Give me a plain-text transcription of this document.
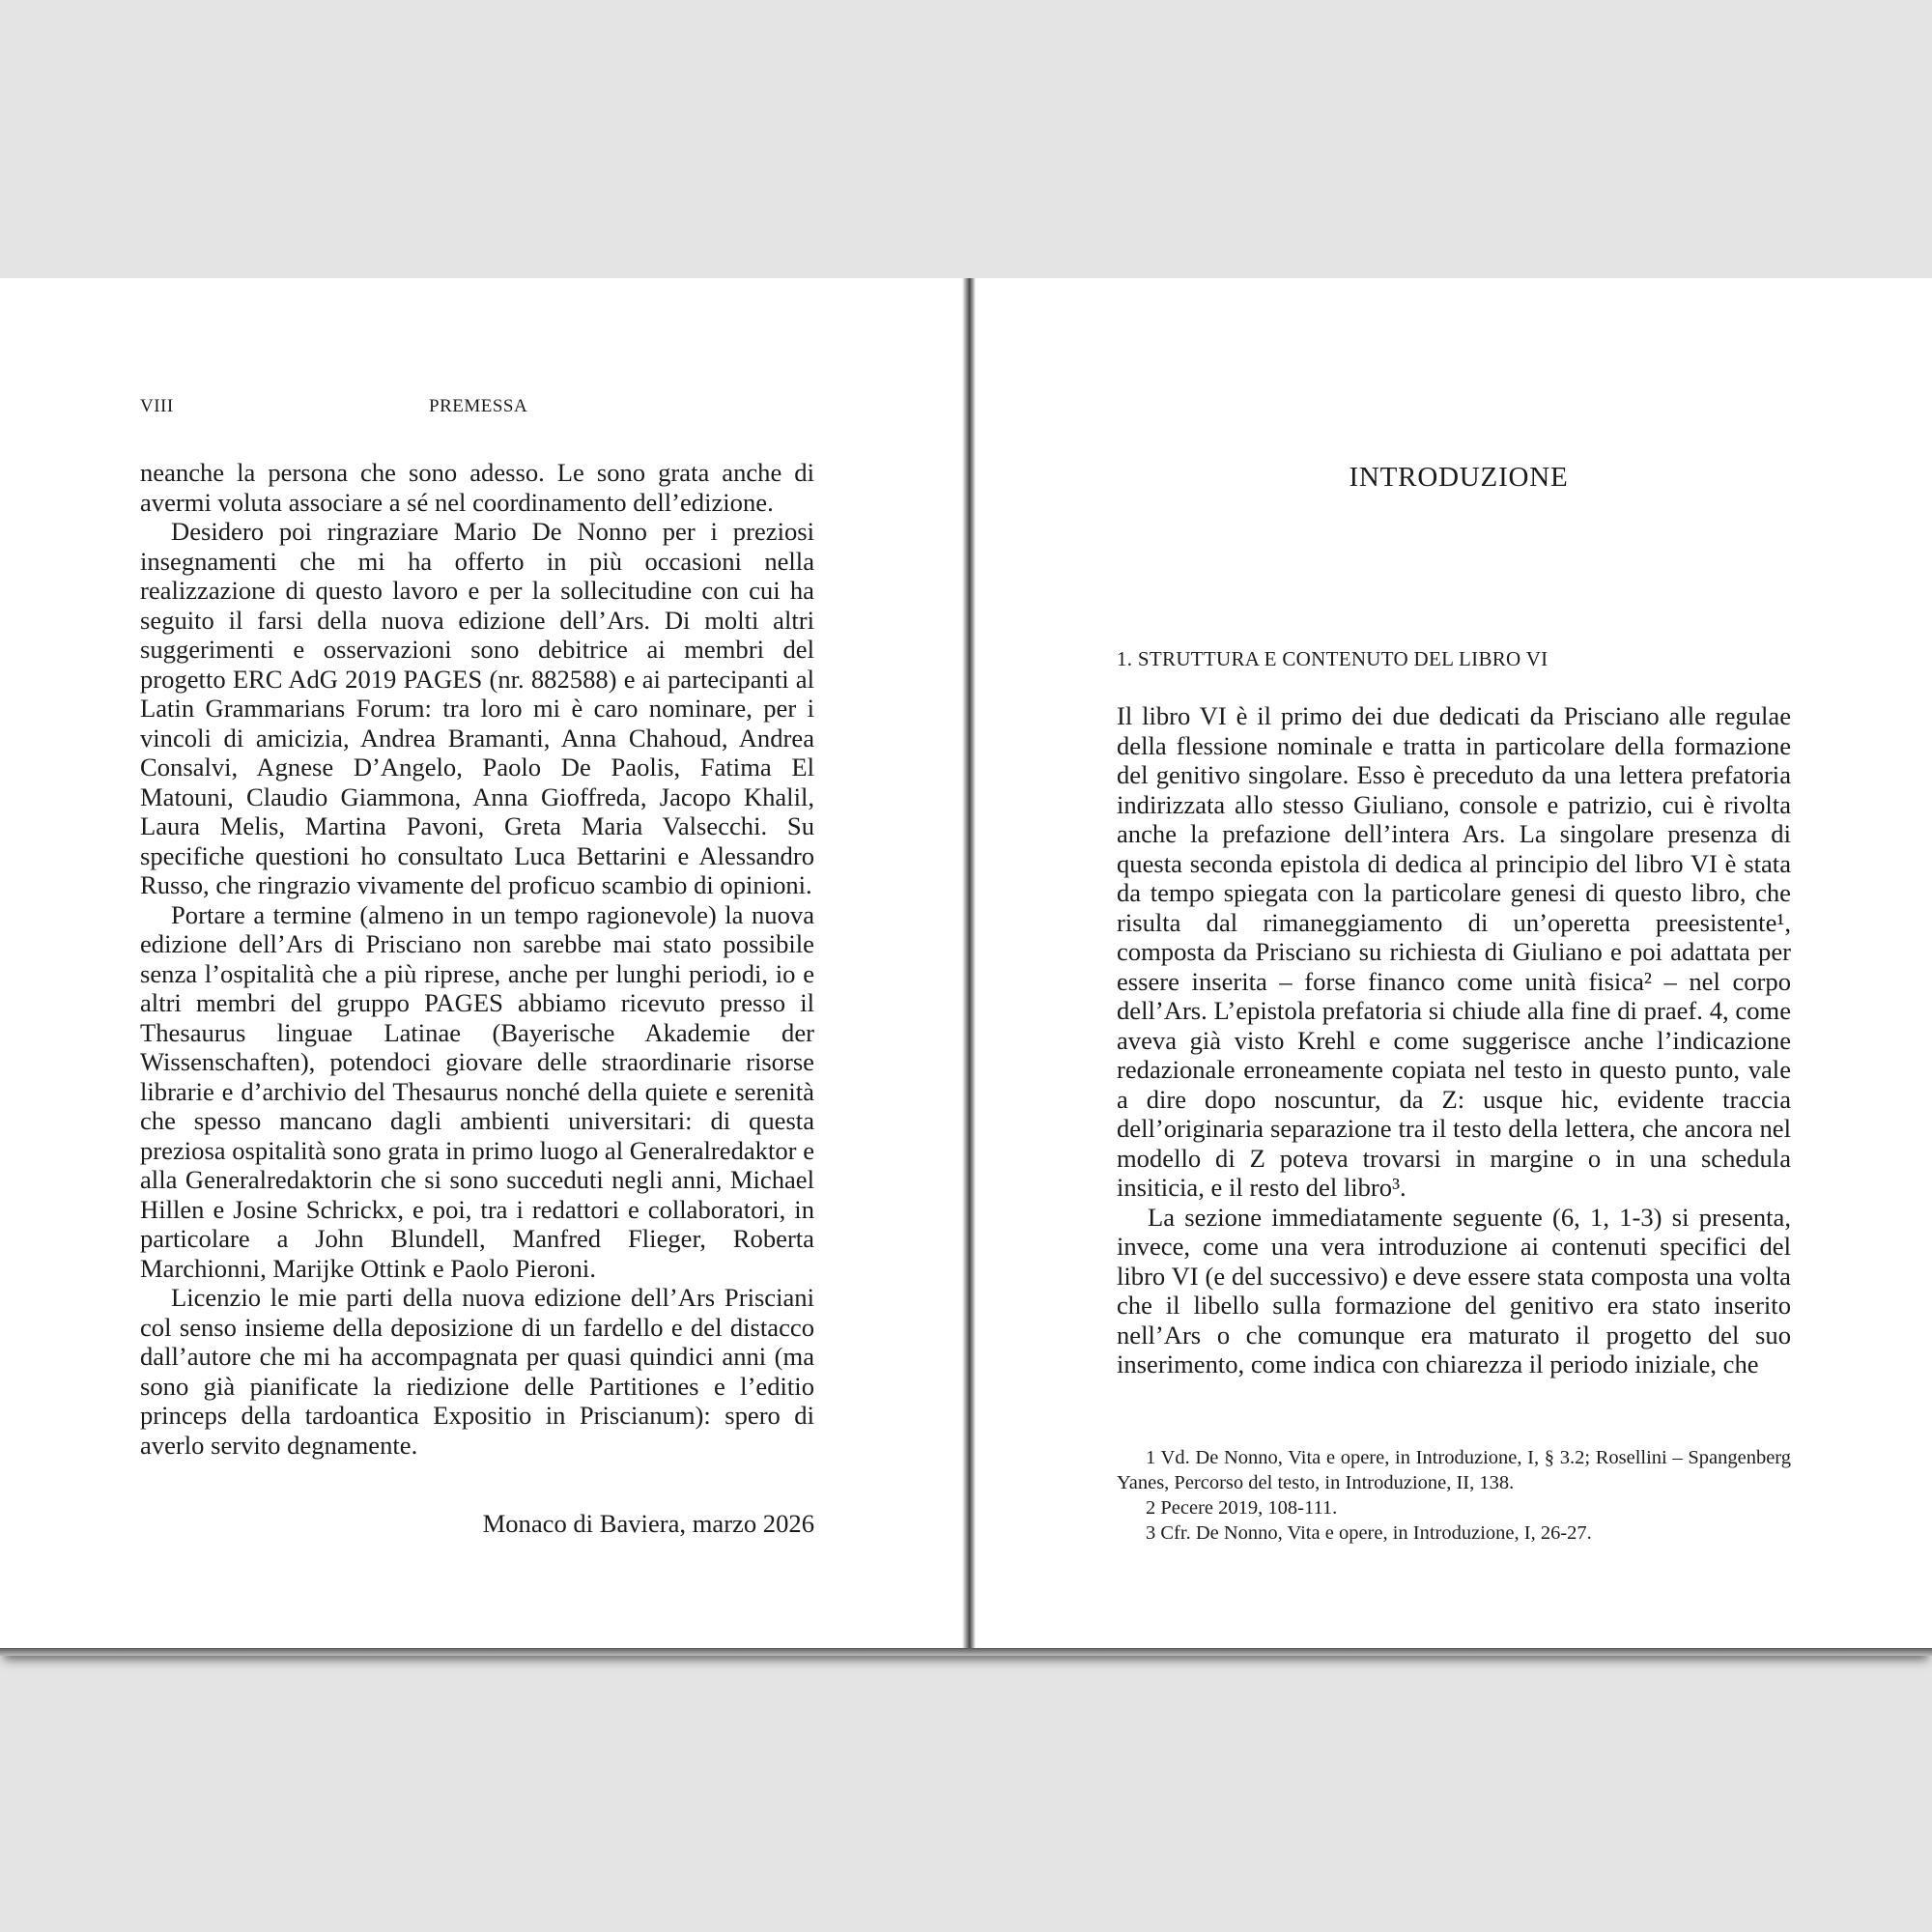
VIII	PREMESSA

neanche la persona che sono adesso. Le sono grata anche di avermi voluta associare a sé nel coordinamento dell’edizione.

Desidero poi ringraziare Mario De Nonno per i preziosi insegnamenti che mi ha offerto in più occasioni nella realizzazione di questo lavoro e per la sollecitudine con cui ha seguito il farsi della nuova edizione dell’Ars. Di molti altri suggerimenti e osservazioni sono debitrice ai membri del progetto ERC AdG 2019 PAGES (nr. 882588) e ai partecipanti al Latin Grammarians Forum: tra loro mi è caro nominare, per i vincoli di amicizia, Andrea Bramanti, Anna Chahoud, Andrea Consalvi, Agnese D’Angelo, Paolo De Paolis, Fatima El Matouni, Claudio Giammona, Anna Gioffreda, Jacopo Khalil, Laura Melis, Martina Pavoni, Greta Maria Valsecchi. Su specifiche questioni ho consultato Luca Bettarini e Alessandro Russo, che ringrazio vivamente del proficuo scambio di opinioni.

Portare a termine (almeno in un tempo ragionevole) la nuova edizione dell’Ars di Prisciano non sarebbe mai stato possibile senza l’ospitalità che a più riprese, anche per lunghi periodi, io e altri membri del gruppo PAGES abbiamo ricevuto presso il Thesaurus linguae Latinae (Bayerische Akademie der Wissenschaften), potendoci giovare delle straordinarie risorse librarie e d’archivio del Thesaurus nonché della quiete e serenità che spesso mancano dagli ambienti universitari: di questa preziosa ospitalità sono grata in primo luogo al Generalredaktor e alla Generalredaktorin che si sono succeduti negli anni, Michael Hillen e Josine Schrickx, e poi, tra i redattori e collaboratori, in particolare a John Blundell, Manfred Flieger, Roberta Marchionni, Marijke Ottink e Paolo Pieroni.

Licenzio le mie parti della nuova edizione dell’Ars Prisciani col senso insieme della deposizione di un fardello e del distacco dall’autore che mi ha accompagnata per quasi quindici anni (ma sono già pianificate la riedizione delle Partitiones e l’editio princeps della tardoantica Expositio in Priscianum): spero di averlo servito degnamente.

Monaco di Baviera, marzo 2026
INTRODUZIONE
1. STRUTTURA E CONTENUTO DEL LIBRO VI

Il libro VI è il primo dei due dedicati da Prisciano alle regulae della flessione nominale e tratta in particolare della formazione del genitivo singolare. Esso è preceduto da una lettera prefatoria indirizzata allo stesso Giuliano, console e patrizio, cui è rivolta anche la prefazione dell’intera Ars. La singolare presenza di questa seconda epistola di dedica al principio del libro VI è stata da tempo spiegata con la particolare genesi di questo libro, che risulta dal rimaneggiamento di un’operetta preesistente¹, composta da Prisciano su richiesta di Giuliano e poi adattata per essere inserita – forse financo come unità fisica² – nel corpo dell’Ars. L’epistola prefatoria si chiude alla fine di praef. 4, come aveva già visto Krehl e come suggerisce anche l’indicazione redazionale erroneamente copiata nel testo in questo punto, vale a dire dopo noscuntur, da Z: usque hic, evidente traccia dell’originaria separazione tra il testo della lettera, che ancora nel modello di Z poteva trovarsi in margine o in una schedula insiticia, e il resto del libro³.

La sezione immediatamente seguente (6, 1, 1-3) si presenta, invece, come una vera introduzione ai contenuti specifici del libro VI (e del successivo) e deve essere stata composta una volta che il libello sulla formazione del genitivo era stato inserito nell’Ars o che comunque era maturato il progetto del suo inserimento, come indica con chiarezza il periodo iniziale, che

1 Vd. De Nonno, Vita e opere, in Introduzione, I, § 3.2; Rosellini – Spangenberg Yanes, Percorso del testo, in Introduzione, II, 138.

2 Pecere 2019, 108-111.

3 Cfr. De Nonno, Vita e opere, in Introduzione, I, 26-27.
